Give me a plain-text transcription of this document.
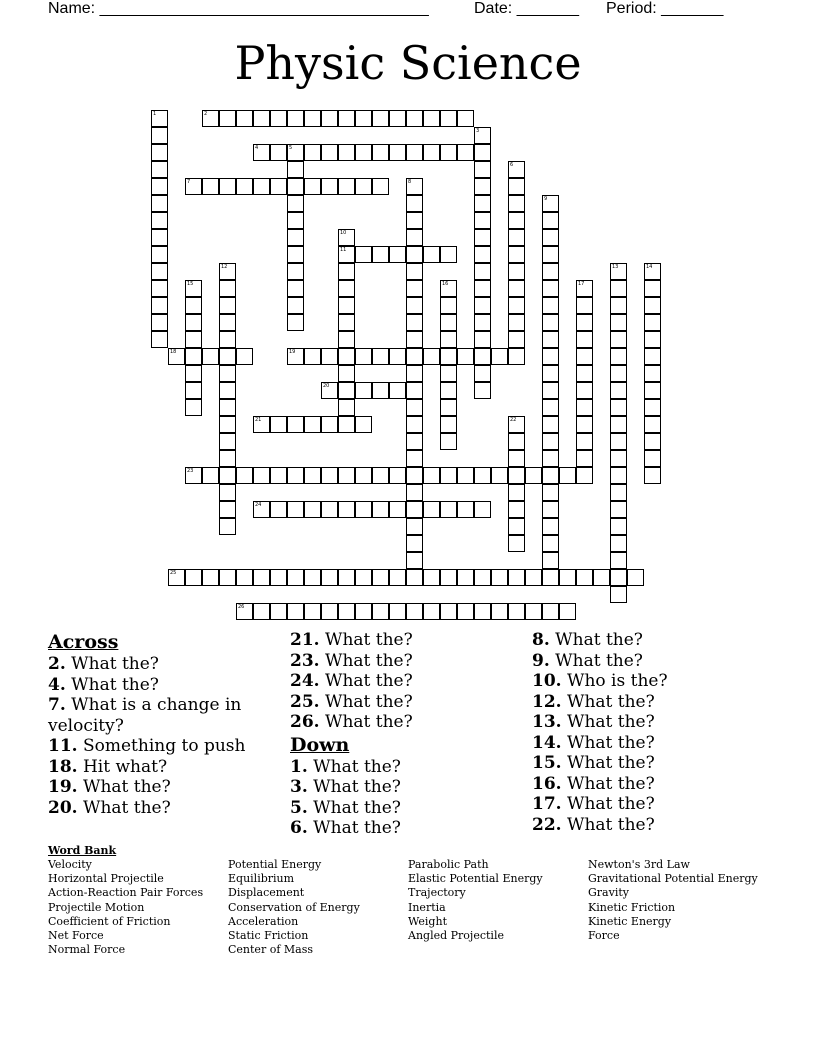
Name: _____________________________________	Date: _______ Period: _______
Physic Science
1	2
3
4	5
6
7	8
9
10
11
12	13	14
15	16	17
18	19
20
21	22
23
24
25
26
Across
2. What the?
4. What the?
7. What is a change in velocity?
11. Something to push
18. Hit what?
19. What the?
20. What the?
21. What the?
23. What the?
24. What the?
25. What the?
26. What the?
Down
1. What the?
3. What the?
5. What the?
6. What the?
8. What the?
9. What the?
10. Who is the?
12. What the?
13. What the?
14. What the?
15. What the?
16. What the?
17. What the?
22. What the?
Word Bank
Velocity
Horizontal Projectile
Action-Reaction Pair Forces
Projectile Motion
Coefficient of Friction
Net Force
Normal Force
Potential Energy
Equilibrium
Displacement
Conservation of Energy
Acceleration
Static Friction
Center of Mass
Parabolic Path
Elastic Potential Energy
Trajectory
Inertia
Weight
Angled Projectile
Newton's 3rd Law
Gravitational Potential Energy
Gravity
Kinetic Friction
Kinetic Energy
Force
